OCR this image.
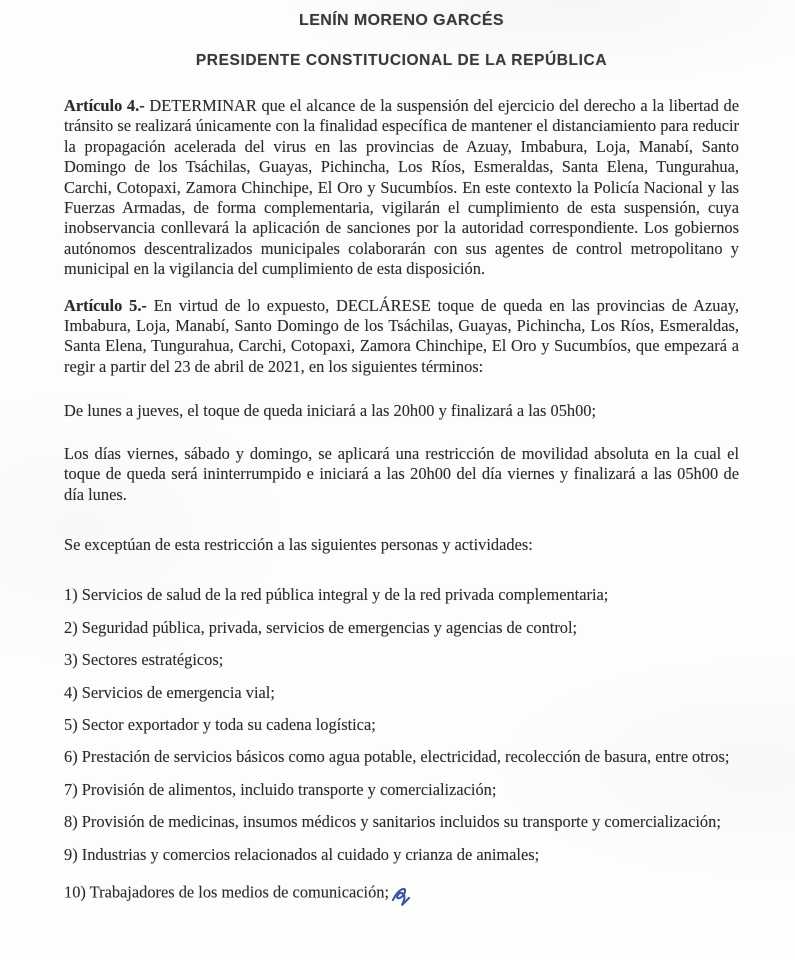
LENÍN MORENO GARCÉS
PRESIDENTE CONSTITUCIONAL DE LA REPÚBLICA

Artículo 4.- DETERMINAR que el alcance de la suspensión del ejercicio del derecho a la libertad de tránsito se realizará únicamente con la finalidad específica de mantener el distanciamiento para reducir la propagación acelerada del virus en las provincias de Azuay, Imbabura, Loja, Manabí, Santo Domingo de los Tsáchilas, Guayas, Pichincha, Los Ríos, Esmeraldas, Santa Elena, Tungurahua, Carchi, Cotopaxi, Zamora Chinchipe, El Oro y Sucumbíos. En este contexto la Policía Nacional y las Fuerzas Armadas, de forma complementaria, vigilarán el cumplimiento de esta suspensión, cuya inobservancia conllevará la aplicación de sanciones por la autoridad correspondiente. Los gobiernos autónomos descentralizados municipales colaborarán con sus agentes de control metropolitano y municipal en la vigilancia del cumplimiento de esta disposición.

Artículo 5.- En virtud de lo expuesto, DECLÁRESE toque de queda en las provincias de Azuay, Imbabura, Loja, Manabí, Santo Domingo de los Tsáchilas, Guayas, Pichincha, Los Ríos, Esmeraldas, Santa Elena, Tungurahua, Carchi, Cotopaxi, Zamora Chinchipe, El Oro y Sucumbíos, que empezará a regir a partir del 23 de abril de 2021, en los siguientes términos:

De lunes a jueves, el toque de queda iniciará a las 20h00 y finalizará a las 05h00;

Los días viernes, sábado y domingo, se aplicará una restricción de movilidad absoluta en la cual el toque de queda será ininterrumpido e iniciará a las 20h00 del día viernes y finalizará a las 05h00 de día lunes.

Se exceptúan de esta restricción a las siguientes personas y actividades:

1) Servicios de salud de la red pública integral y de la red privada complementaria;

2) Seguridad pública, privada, servicios de emergencias y agencias de control;

3) Sectores estratégicos;

4) Servicios de emergencia vial;

5) Sector exportador y toda su cadena logística;

6) Prestación de servicios básicos como agua potable, electricidad, recolección de basura, entre otros;

7) Provisión de alimentos, incluido transporte y comercialización;

8) Provisión de medicinas, insumos médicos y sanitarios incluidos su transporte y comercialización;

9) Industrias y comercios relacionados al cuidado y crianza de animales;

10) Trabajadores de los medios de comunicación;
